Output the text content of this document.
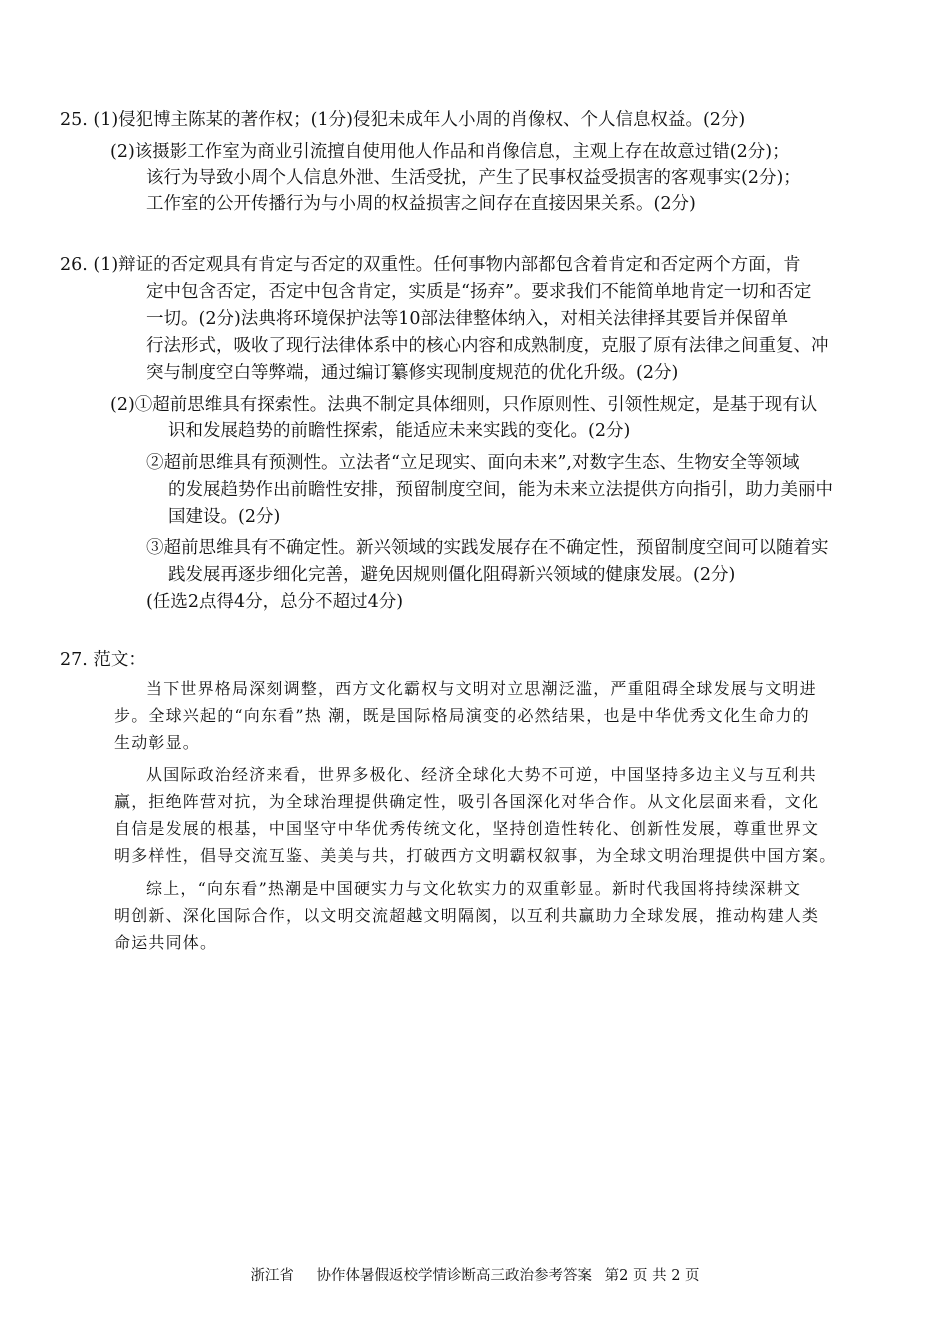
25. (1)侵犯博主陈某的著作权；(1分)侵犯未成年人小周的肖像权、个人信息权益。(2分)
(2)该摄影工作室为商业引流擅自使用他人作品和肖像信息，主观上存在故意过错(2分)；
该行为导致小周个人信息外泄、生活受扰，产生了民事权益受损害的客观事实(2分)；
工作室的公开传播行为与小周的权益损害之间存在直接因果关系。(2分)
26. (1)辩证的否定观具有肯定与否定的双重性。任何事物内部都包含着肯定和否定两个方面，肯
定中包含否定，否定中包含肯定，实质是“扬弃”。要求我们不能简单地肯定一切和否定
一切。(2分)法典将环境保护法等10部法律整体纳入，对相关法律择其要旨并保留单
行法形式，吸收了现行法律体系中的核心内容和成熟制度，克服了原有法律之间重复、冲
突与制度空白等弊端，通过编订纂修实现制度规范的优化升级。(2分)
(2)①超前思维具有探索性。法典不制定具体细则，只作原则性、引领性规定，是基于现有认
识和发展趋势的前瞻性探索，能适应未来实践的变化。(2分)
②超前思维具有预测性。立法者“立足现实、面向未来”,对数字生态、生物安全等领域
的发展趋势作出前瞻性安排，预留制度空间，能为未来立法提供方向指引，助力美丽中
国建设。(2分)
③超前思维具有不确定性。新兴领域的实践发展存在不确定性，预留制度空间可以随着实
践发展再逐步细化完善，避免因规则僵化阻碍新兴领域的健康发展。(2分)
(任选2点得4分，总分不超过4分)
27. 范文：
当下世界格局深刻调整，西方文化霸权与文明对立思潮泛滥，严重阻碍全球发展与文明进
步。全球兴起的“向东看”热 潮，既是国际格局演变的必然结果，也是中华优秀文化生命力的
生动彰显。
从国际政治经济来看，世界多极化、经济全球化大势不可逆，中国坚持多边主义与互利共
赢，拒绝阵营对抗，为全球治理提供确定性，吸引各国深化对华合作。从文化层面来看，文化
自信是发展的根基，中国坚守中华优秀传统文化，坚持创造性转化、创新性发展，尊重世界文
明多样性，倡导交流互鉴、美美与共，打破西方文明霸权叙事，为全球文明治理提供中国方案。
综上，“向东看”热潮是中国硬实力与文化软实力的双重彰显。新时代我国将持续深耕文
明创新、深化国际合作，以文明交流超越文明隔阂，以互利共赢助力全球发展，推动构建人类
命运共同体。
浙江省 协作体暑假返校学情诊断高三政治参考答案 第2 页 共 2 页
